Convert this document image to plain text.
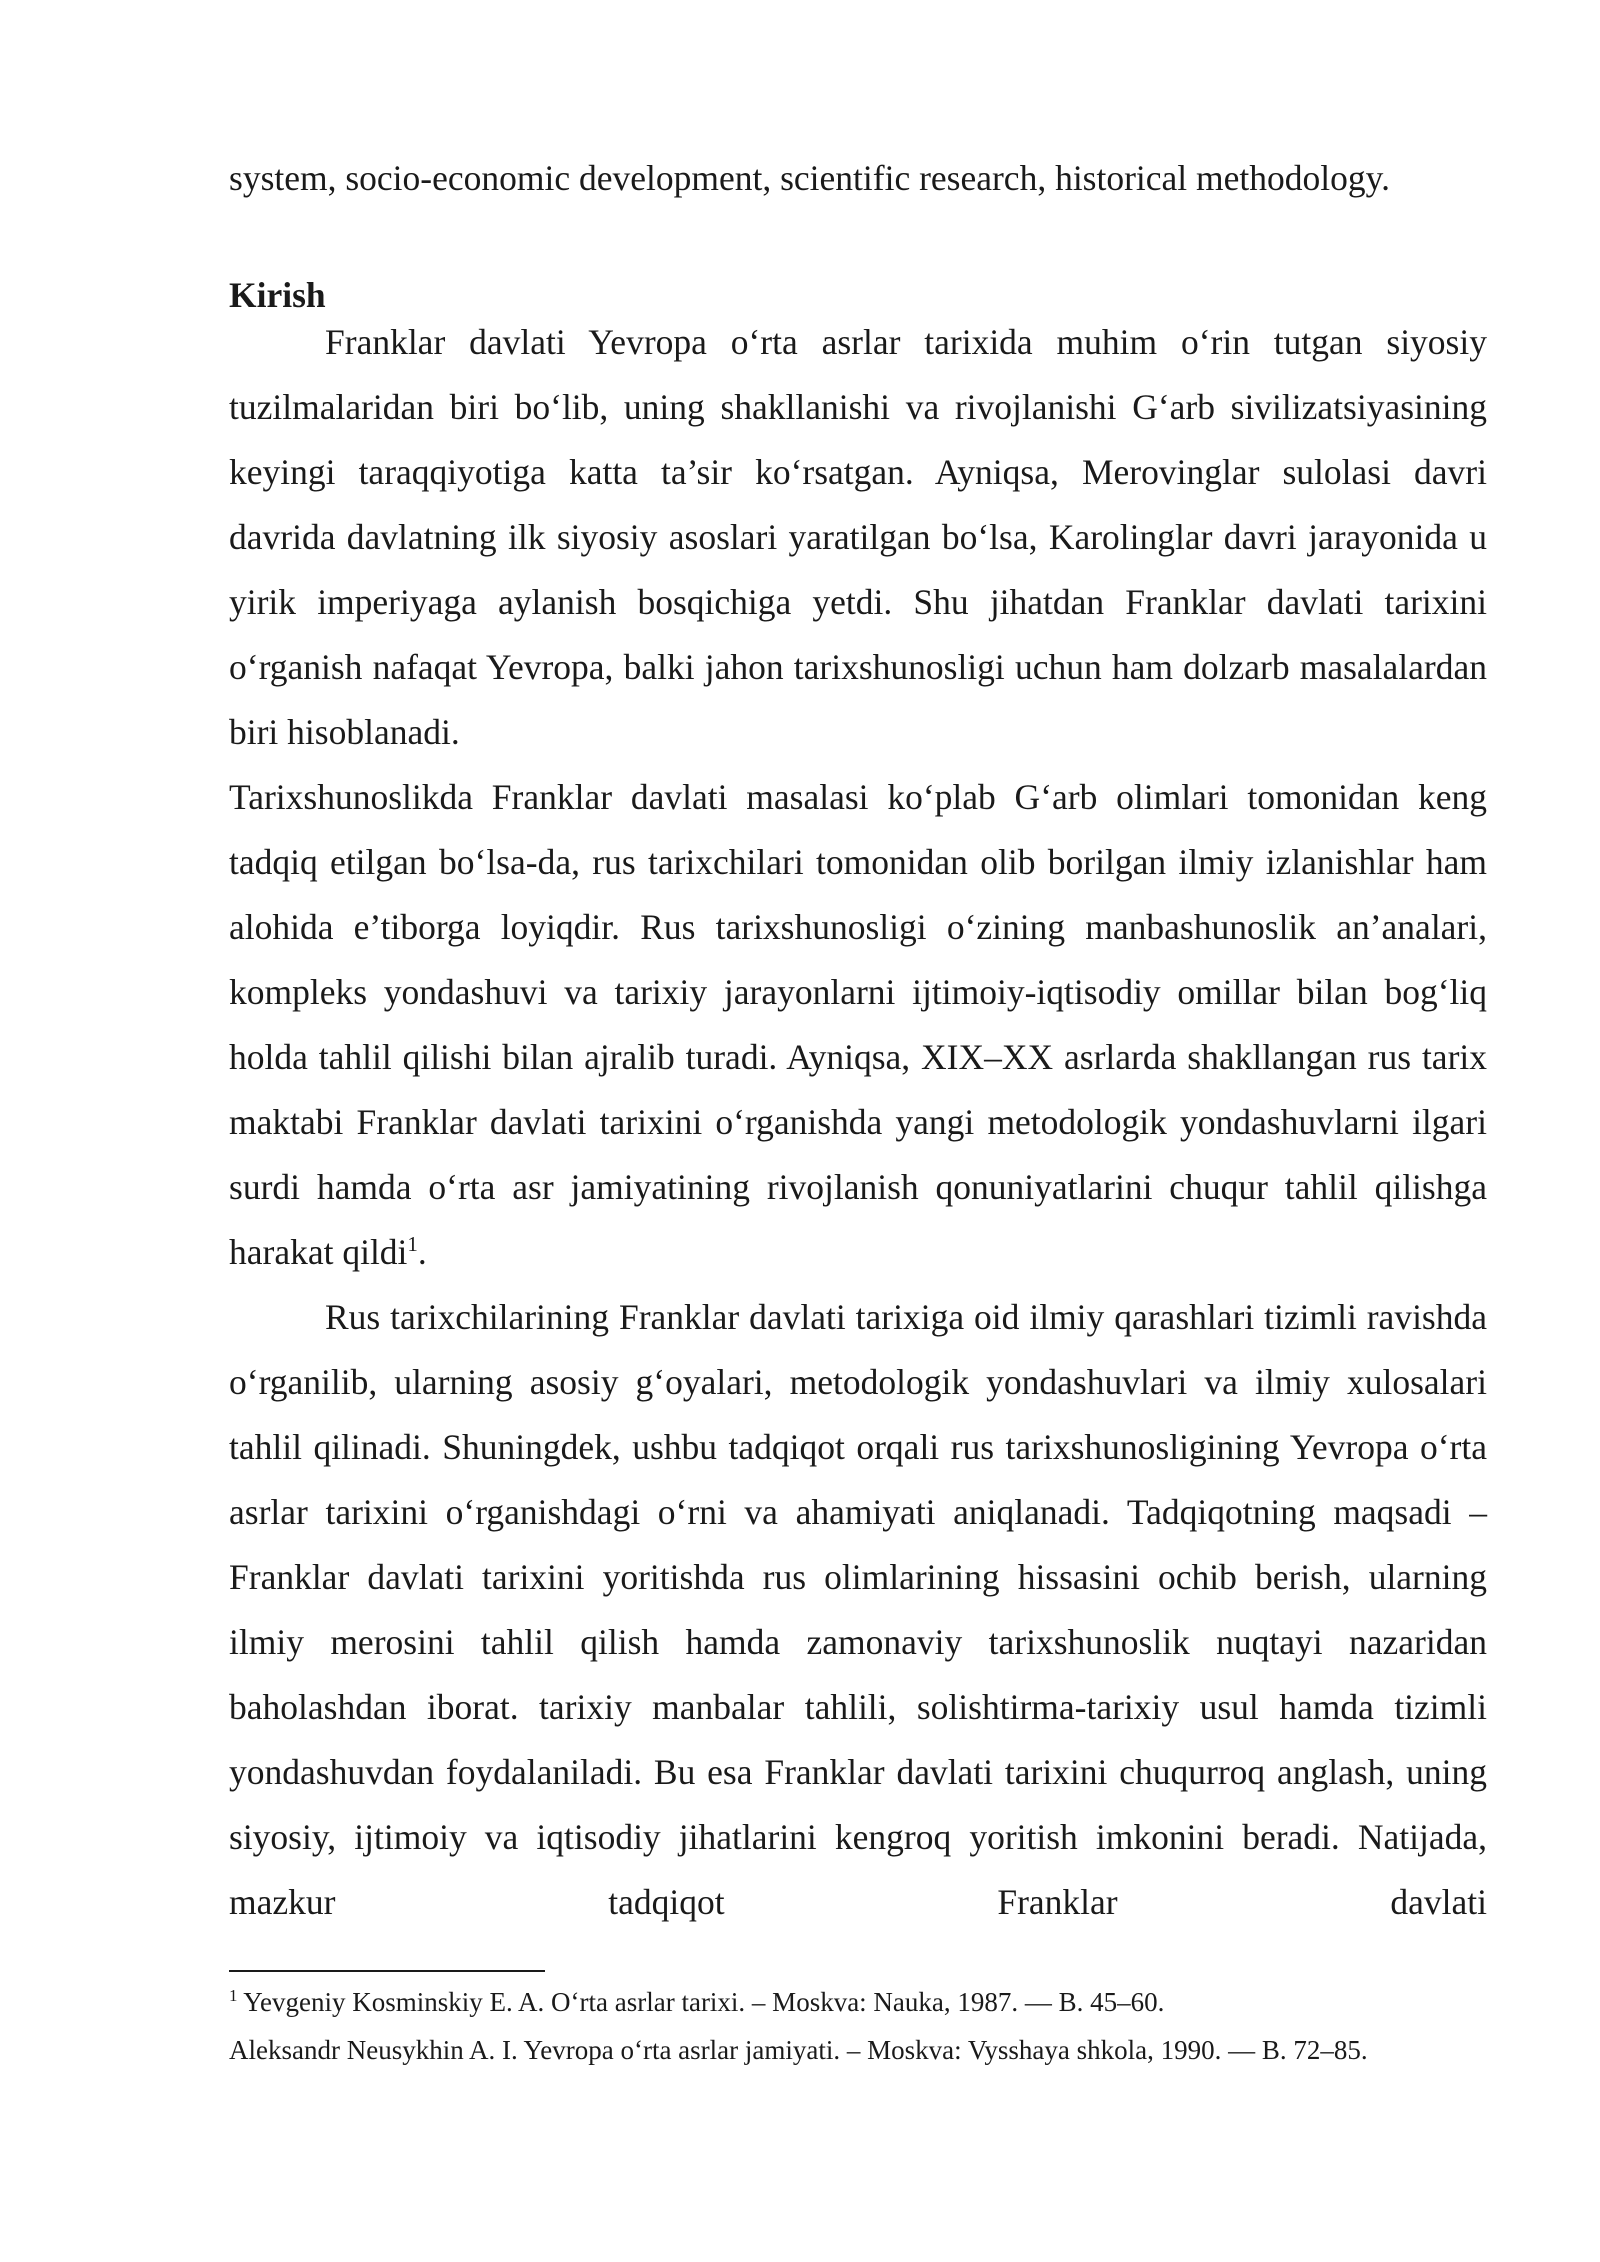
system, socio-economic development, scientific research, historical methodology.

Kirish

Franklar davlati Yevropa o‘rta asrlar tarixida muhim o‘rin tutgan siyosiy tuzilmalaridan biri bo‘lib, uning shakllanishi va rivojlanishi G‘arb sivilizatsiyasining keyingi taraqqiyotiga katta ta’sir ko‘rsatgan. Ayniqsa, Merovinglar sulolasi davri davrida davlatning ilk siyosiy asoslari yaratilgan bo‘lsa, Karolinglar davri jarayonida u yirik imperiyaga aylanish bosqichiga yetdi. Shu jihatdan Franklar davlati tarixini o‘rganish nafaqat Yevropa, balki jahon tarixshunosligi uchun ham dolzarb masalalardan biri hisoblanadi.

Tarixshunoslikda Franklar davlati masalasi ko‘plab G‘arb olimlari tomonidan keng tadqiq etilgan bo‘lsa-da, rus tarixchilari tomonidan olib borilgan ilmiy izlanishlar ham alohida e’tiborga loyiqdir. Rus tarixshunosligi o‘zining manbashunoslik an’analari, kompleks yondashuvi va tarixiy jarayonlarni ijtimoiy-iqtisodiy omillar bilan bog‘liq holda tahlil qilishi bilan ajralib turadi. Ayniqsa, XIX–XX asrlarda shakllangan rus tarix maktabi Franklar davlati tarixini o‘rganishda yangi metodologik yondashuvlarni ilgari surdi hamda o‘rta asr jamiyatining rivojlanish qonuniyatlarini chuqur tahlil qilishga harakat qildi$^1$.

Rus tarixchilarining Franklar davlati tarixiga oid ilmiy qarashlari tizimli ravishda o‘rganilib, ularning asosiy g‘oyalari, metodologik yondashuvlari va ilmiy xulosalari tahlil qilinadi. Shuningdek, ushbu tadqiqot orqali rus tarixshunosligining Yevropa o‘rta asrlar tarixini o‘rganishdagi o‘rni va ahamiyati aniqlanadi. Tadqiqotning maqsadi – Franklar davlati tarixini yoritishda rus olimlarining hissasini ochib berish, ularning ilmiy merosini tahlil qilish hamda zamonaviy tarixshunoslik nuqtayi nazaridan baholashdan iborat. tarixiy manbalar tahlili, solishtirma-tarixiy usul hamda tizimli yondashuvdan foydalaniladi. Bu esa Franklar davlati tarixini chuqurroq anglash, uning siyosiy, ijtimoiy va iqtisodiy jihatlarini kengroq yoritish imkonini beradi. Natijada, mazkur tadqiqot Franklar davlati

$^1$ Yevgeniy Kosminskiy E. A. O‘rta asrlar tarixi. – Moskva: Nauka, 1987. — B. 45–60.

Aleksandr Neusykhin A. I. Yevropa o‘rta asrlar jamiyati. – Moskva: Vysshaya shkola, 1990. — B. 72–85.
